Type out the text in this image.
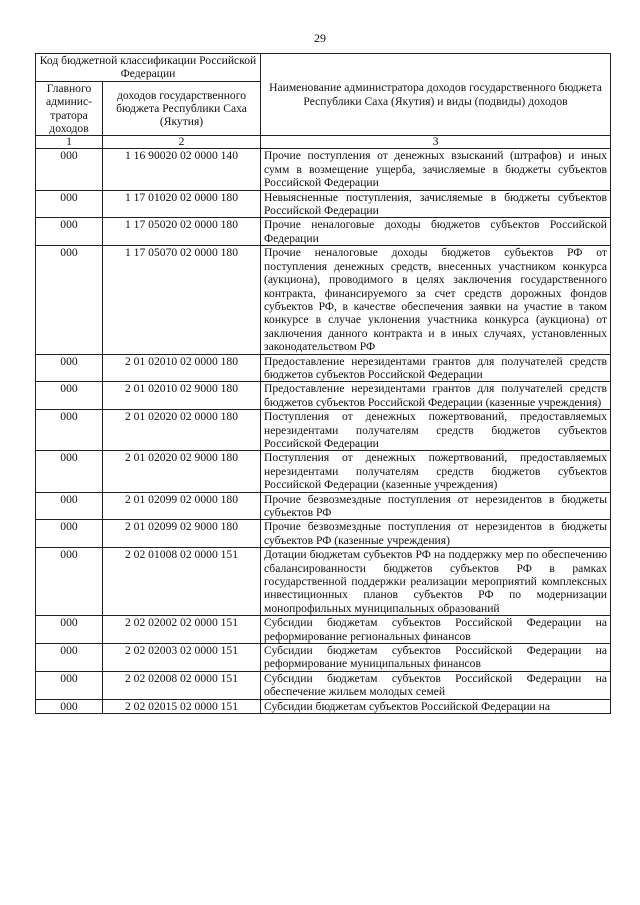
29
Код бюджетной классификации Российской Федерации		Наименование администратора доходов государственного бюджета Республики Саха (Якутия) и виды (подвиды) доходов
Главного админис-тратора доходов	доходов государственного бюджета Республики Саха (Якутия)	
1	2	3
000	1 16 90020 02 0000 140	Прочие поступления от денежных взысканий (штрафов) и иных сумм в возмещение ущерба, зачисляемые в бюджеты субъектов Российской Федерации
000	1 17 01020 02 0000 180	Невыясненные поступления, зачисляемые в бюджеты субъектов Российской Федерации
000	1 17 05020 02 0000 180	Прочие неналоговые доходы бюджетов субъектов Российской Федерации
000	1 17 05070 02 0000 180	Прочие неналоговые доходы бюджетов субъектов РФ от поступления денежных средств, внесенных участником конкурса (аукциона), проводимого в целях заключения государственного контракта, финансируемого за счет средств дорожных фондов субъектов РФ, в качестве обеспечения заявки на участие в таком конкурсе в случае уклонения участника конкурса (аукциона) от заключения данного контракта и в иных случаях, установленных законодательством РФ
000	2 01 02010 02 0000 180	Предоставление нерезидентами грантов для получателей средств бюджетов субъектов Российской Федерации
000	2 01 02010 02 9000 180	Предоставление нерезидентами грантов для получателей средств бюджетов субъектов Российской Федерации (казенные учреждения)
000	2 01 02020 02 0000 180	Поступления от денежных пожертвований, предоставляемых нерезидентами получателям средств бюджетов субъектов Российской Федерации
000	2 01 02020 02 9000 180	Поступления от денежных пожертвований, предоставляемых нерезидентами получателям средств бюджетов субъектов Российской Федерации (казенные учреждения)
000	2 01 02099 02 0000 180	Прочие безвозмездные поступления от нерезидентов в бюджеты субъектов РФ
000	2 01 02099 02 9000 180	Прочие безвозмездные поступления от нерезидентов в бюджеты субъектов РФ (казенные учреждения)
000	2 02 01008 02 0000 151	Дотации бюджетам субъектов РФ на поддержку мер по обеспечению сбалансированности бюджетов субъектов РФ в рамках государственной поддержки реализации мероприятий комплексных инвестиционных планов субъектов РФ по модернизации монопрофильных муниципальных образований
000	2 02 02002 02 0000 151	Субсидии бюджетам субъектов Российской Федерации на реформирование региональных финансов
000	2 02 02003 02 0000 151	Субсидии бюджетам субъектов Российской Федерации на реформирование муниципальных финансов
000	2 02 02008 02 0000 151	Субсидии бюджетам субъектов Российской Федерации на обеспечение жильем молодых семей
000	2 02 02015 02 0000 151	Субсидии бюджетам субъектов Российской Федерации на
